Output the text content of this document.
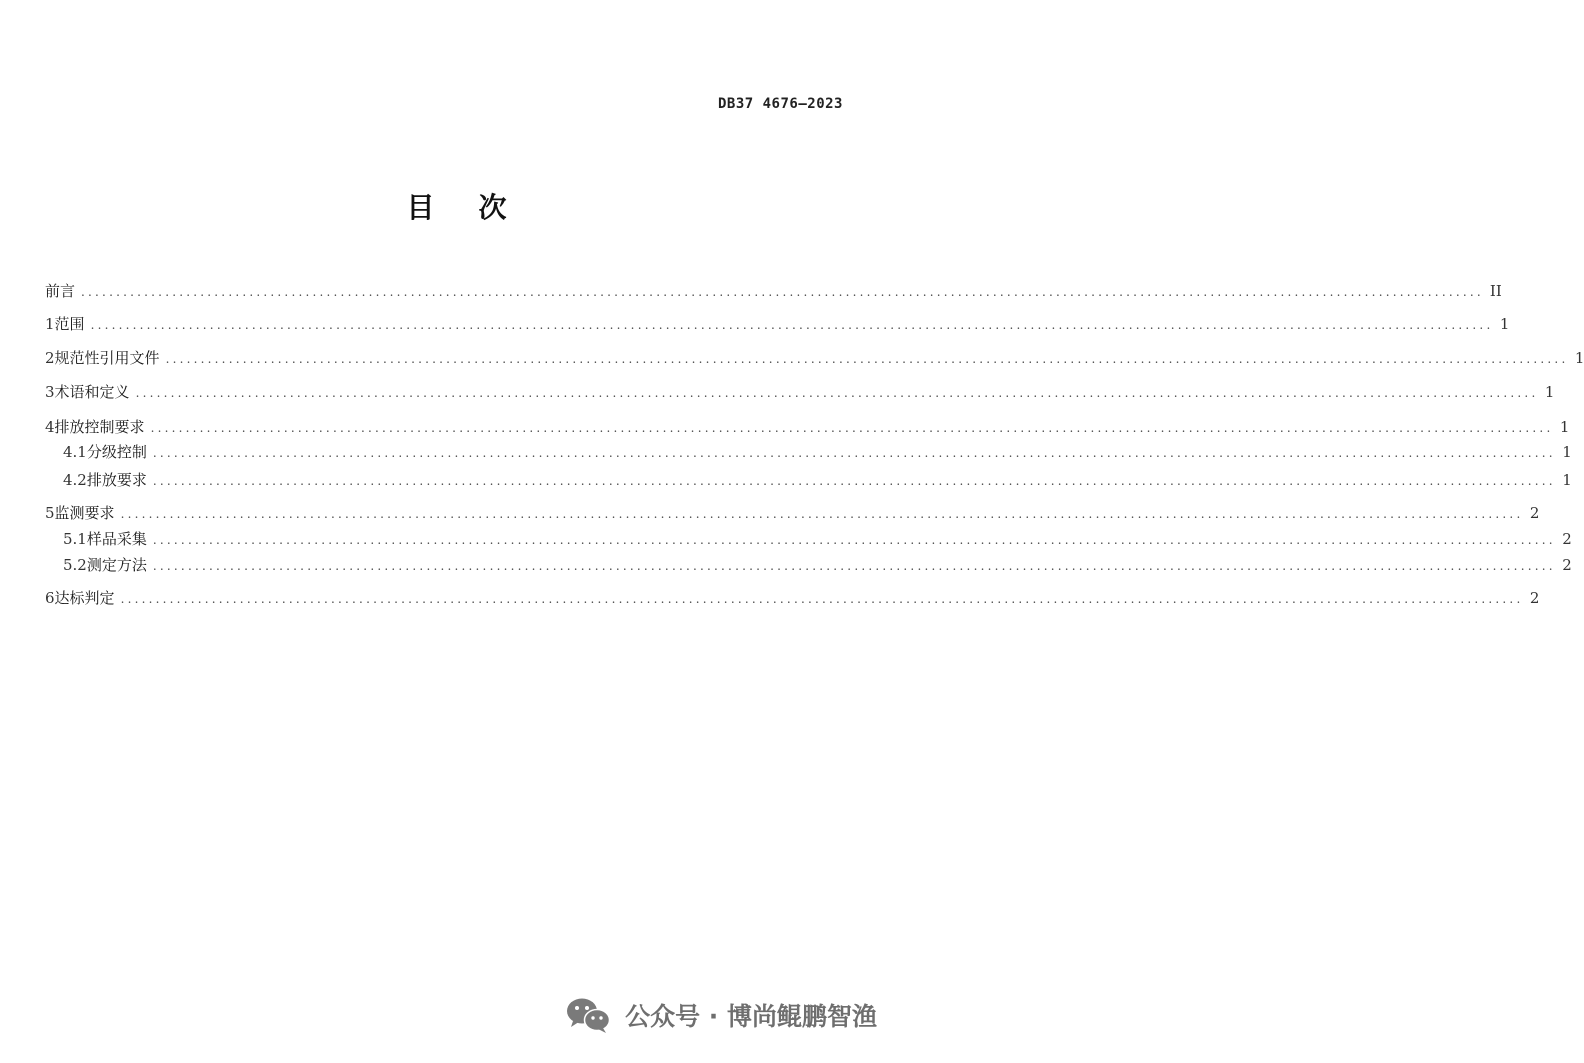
DB37 4676—2023
目次
前言 ........................................................................................................................................................................................................ II
1 范围 ........................................................................................................................................................................................................ 1
2 规范性引用文件 ........................................................................................................................................................................................................ 1
3 术语和定义 ........................................................................................................................................................................................................ 1
4 排放控制要求 ........................................................................................................................................................................................................ 1
4.1 分级控制 ........................................................................................................................................................................................................ 1
4.2 排放要求 ........................................................................................................................................................................................................ 1
5 监测要求 ........................................................................................................................................................................................................ 2
5.1 样品采集 ........................................................................................................................................................................................................ 2
5.2 测定方法 ........................................................................................................................................................................................................ 2
6 达标判定 ........................................................................................................................................................................................................ 2
公众号 · 博尚鲲鹏智渔
